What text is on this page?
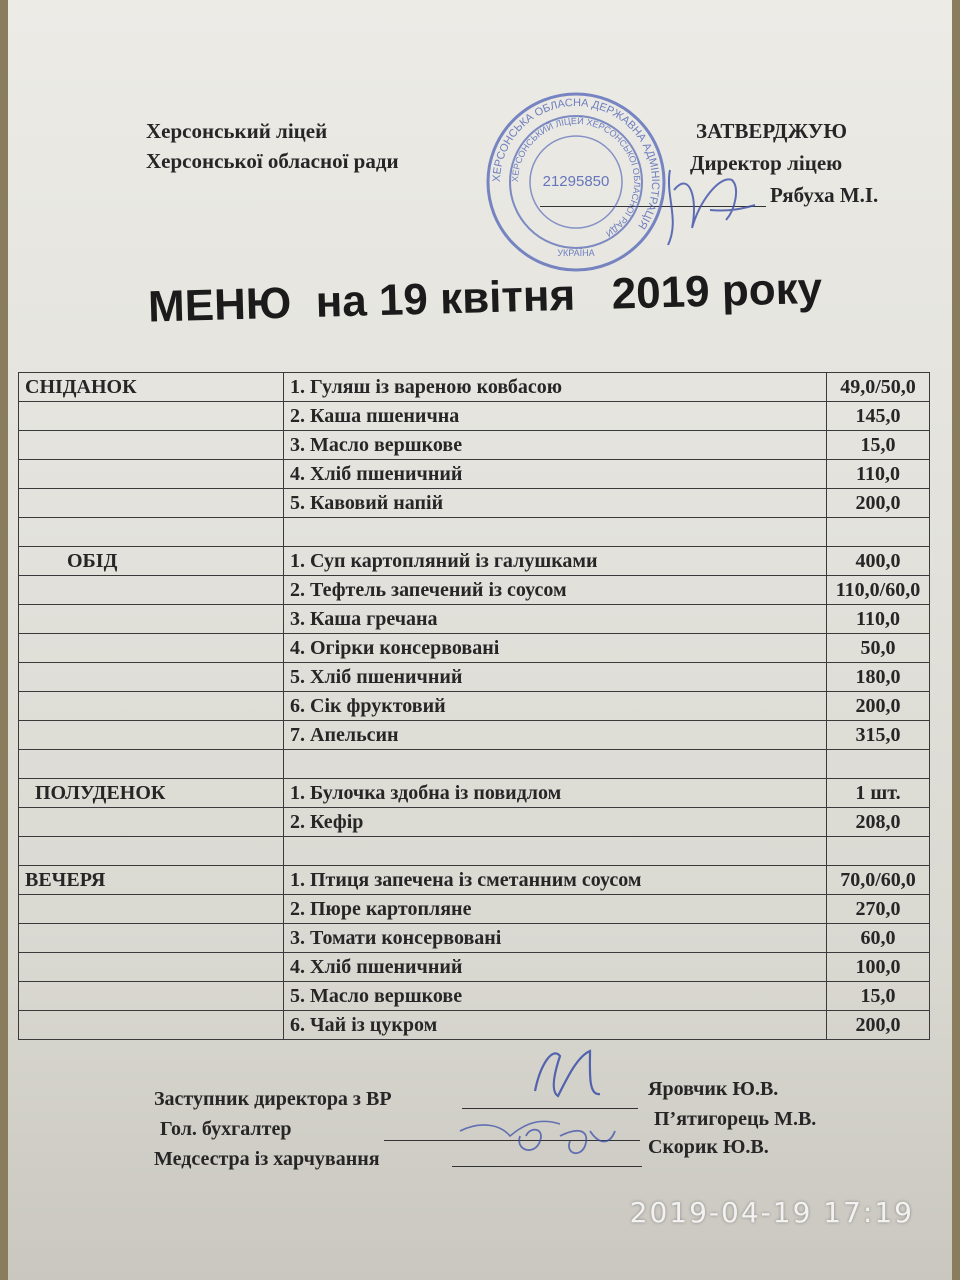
Херсонський ліцей
Херсонської обласної ради
ЗАТВЕРДЖУЮ
Директор ліцею
Рябуха М.І.
ХЕРСОНСЬКА ОБЛАСНА ДЕРЖАВНА АДМІНІСТРАЦІЯ
ХЕРСОНСЬКИЙ ЛІЦЕЙ ХЕРСОНСЬКОЇ ОБЛАСНОЇ РАДИ
УКРАЇНА
21295850
МЕНЮ  на 19 квітня   2019 року
СНІДАНОК	1. Гуляш із вареною ковбасою	49,0/50,0
	2. Каша пшенична	145,0
	3. Масло вершкове	15,0
	4. Хліб пшеничний	110,0
	5. Кавовий напій	200,0

ОБІД	1. Суп картопляний із галушками	400,0
	2. Тефтель запечений із соусом	110,0/60,0
	3. Каша гречана	110,0
	4. Огірки консервовані	50,0
	5. Хліб пшеничний	180,0
	6. Сік фруктовий	200,0
	7. Апельсин	315,0

ПОЛУДЕНОК	1. Булочка здобна із повидлом	1 шт.
	2. Кефір	208,0

ВЕЧЕРЯ	1. Птиця запечена із сметанним соусом	70,0/60,0
	2. Пюре картопляне	270,0
	3. Томати консервовані	60,0
	4. Хліб пшеничний	100,0
	5. Масло вершкове	15,0
	6. Чай із цукром	200,0
Заступник директора з ВР	Яровчик Ю.В.
Гол. бухгалтер	П’ятигорець М.В.
Медсестра із харчування
Скорик Ю.В.
2019-04-19 17:19
